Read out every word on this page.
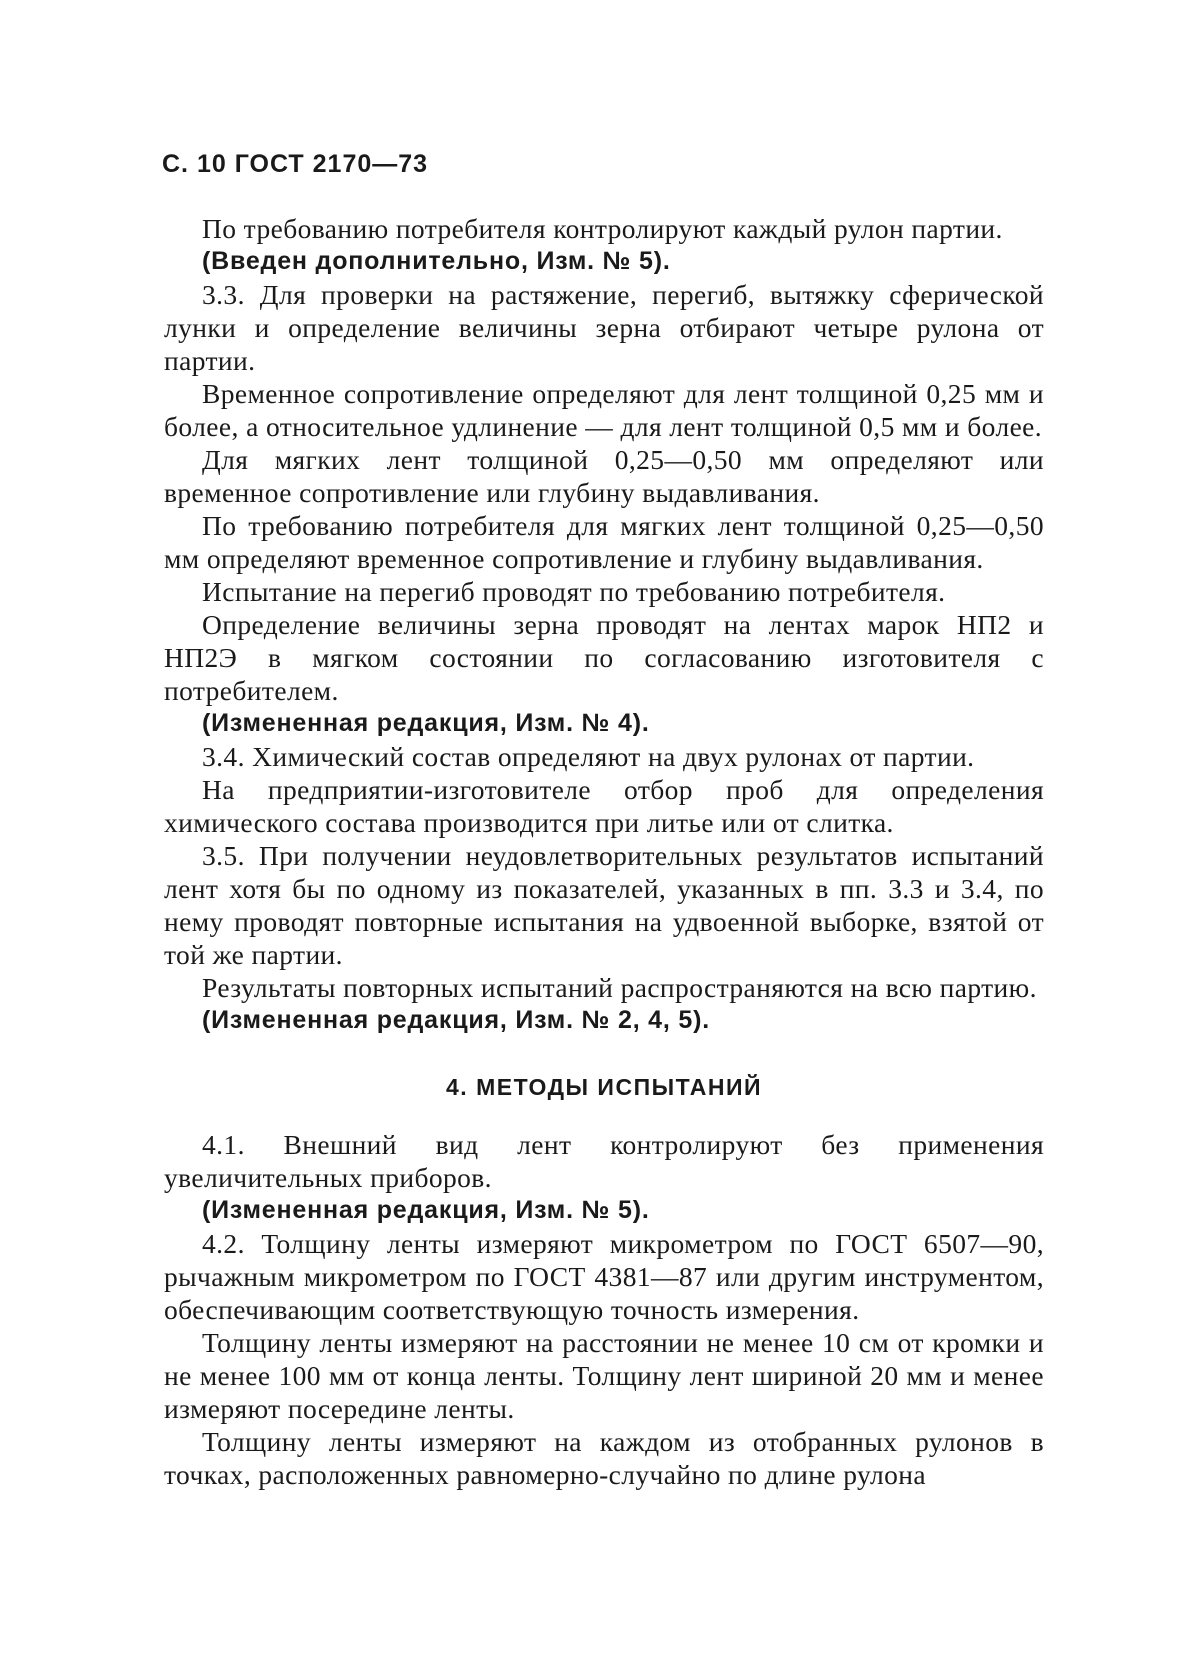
С. 10 ГОСТ 2170—73

По требованию потребителя контролируют каждый рулон партии.

(Введен дополнительно, Изм. № 5).

3.3. Для проверки на растяжение, перегиб, вытяжку сферической лунки и определение величины зерна отбирают четыре рулона от партии.

Временное сопротивление определяют для лент толщиной 0,25 мм и более, а относительное удлинение — для лент толщиной 0,5 мм и более.

Для мягких лент толщиной 0,25—0,50 мм определяют или временное сопротивление или глубину выдавливания.

По требованию потребителя для мягких лент толщиной 0,25—0,50 мм определяют временное сопротивление и глубину выдавливания.

Испытание на перегиб проводят по требованию потребителя.

Определение величины зерна проводят на лентах марок НП2 и НП2Э в мягком состоянии по согласованию изготовителя с потребителем.

(Измененная редакция, Изм. № 4).

3.4. Химический состав определяют на двух рулонах от партии.

На предприятии-изготовителе отбор проб для определения химического состава производится при литье или от слитка.

3.5. При получении неудовлетворительных результатов испытаний лент хотя бы по одному из показателей, указанных в пп. 3.3 и 3.4, по нему проводят повторные испытания на удвоенной выборке, взятой от той же партии.

Результаты повторных испытаний распространяются на всю партию.

(Измененная редакция, Изм. № 2, 4, 5).

4. МЕТОДЫ ИСПЫТАНИЙ

4.1. Внешний вид лент контролируют без применения увеличительных приборов.

(Измененная редакция, Изм. № 5).

4.2. Толщину ленты измеряют микрометром по ГОСТ 6507—90, рычажным микрометром по ГОСТ 4381—87 или другим инструментом, обеспечивающим соответствующую точность измерения.

Толщину ленты измеряют на расстоянии не менее 10 см от кромки и не менее 100 мм от конца ленты. Толщину лент шириной 20 мм и менее измеряют посередине ленты.

Толщину ленты измеряют на каждом из отобранных рулонов в точках, расположенных равномерно-случайно по длине рулона
